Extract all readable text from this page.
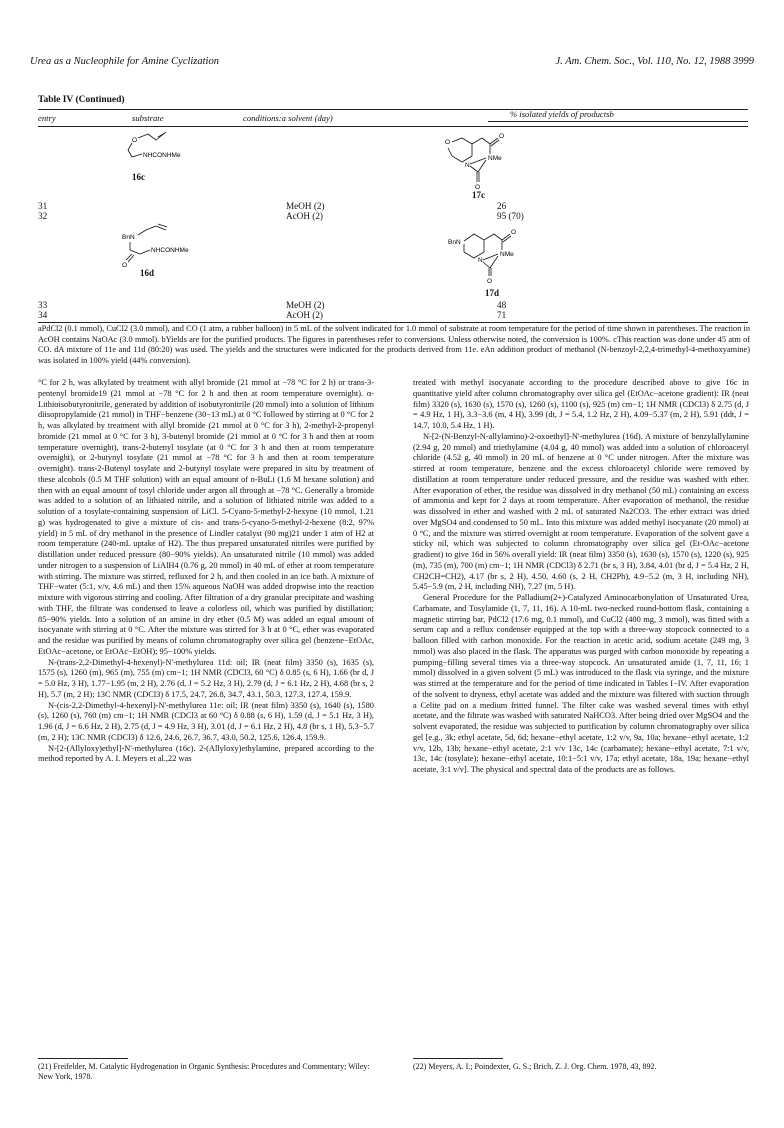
Urea as a Nucleophile for Amine Cyclization	J. Am. Chem. Soc., Vol. 110, No. 12, 1988 3999
Table IV (Continued)
entry	substrate	conditions:a solvent (day)	% isolated yields of productsb
O
NHCONHMe
16c
O
O
NMe
N
O
17c
31	MeOH (2)	26
32	AcOH (2)	95 (70)
BnN
NHCONHMe
O
16d
BnN
O
NMe
N
O
17d
33	MeOH (2)	48
34	AcOH (2)	71
aPdCl2 (0.1 mmol), CuCl2 (3.0 mmol), and CO (1 atm, a rubber balloon) in 5 mL of the solvent indicated for 1.0 mmol of substrate at room temperature for the period of time shown in parentheses. The reaction in AcOH contains NaOAc (3.0 mmol). bYields are for the purified products. The figures in parentheses refer to conversions. Unless otherwise noted, the conversion is 100%. cThis reaction was done under 45 atm of CO. dA mixture of 11e and 11d (80:20) was used. The yields and the structures were indicated for the products derived from 11e. eAn addition product of methanol (N-benzoyl-2,2,4-trimethyl-4-methoxyamine) was isolated in 100% yield (44% conversion).

°C for 2 h, was alkylated by treatment with allyl bromide (21 mmol at −78 °C for 2 h) or trans-3-pentenyl bromide19 (21 mmol at −78 °C for 2 h and then at room temperature overnight). α-Lithioisobutyronitrile, generated by addition of isobutyronitrile (20 mmol) into a solution of lithium diisopropylamide (21 mmol) in THF−benzene (30−13 mL) at 0 °C followed by stirring at 0 °C for 2 h, was alkylated by treatment with allyl bromide (21 mmol at 0 °C for 3 h), 2-methyl-2-propenyl bromide (21 mmol at 0 °C for 3 h), 3-butenyl bromide (21 mmol at 0 °C for 3 h and then at room temperature overnight), trans-2-butenyl tosylate (at 0 °C for 3 h and then at room temperature overnight), or 2-butynyl tosylate (21 mmol at −78 °C for 3 h and then at room temperature overnight). trans-2-Butenyl tosylate and 2-butynyl tosylate were prepared in situ by treatment of these alcohols (0.5 M THF solution) with an equal amount of n-BuLi (1.6 M hexane solution) and then with an equal amount of tosyl chloride under argon all through at −78 °C. Generally a bromide was added to a solution of an lithiated nitrile, and a solution of lithiated nitrile was added to a solution of a tosylate-containing suspension of LiCl. 5-Cyano-5-methyl-2-hexyne (10 mmol, 1.21 g) was hydrogenated to give a mixture of cis- and trans-5-cyano-5-methyl-2-hexene (8:2, 97% yield) in 5 mL of dry methanol in the presence of Lindler catalyst (90 mg)21 under 1 atm of H2 at room temperature (240-mL uptake of H2). The thus prepared unsaturated nitriles were purified by distillation under reduced pressure (80−90% yields). An unsaturated nitrile (10 mmol) was added under nitrogen to a suspension of LiAlH4 (0.76 g, 20 mmol) in 40 mL of ether at room temperature with stirring. The mixture was stirred, refluxed for 2 h, and then cooled in an ice bath. A mixture of THF−water (5:1, v/v, 4.6 mL) and then 15% aqueous NaOH was added dropwise into the reaction mixture with vigorous stirring and cooling. After filtration of a dry granular precipitate and washing with THF, the filtrate was condensed to leave a colorless oil, which was purified by distillation; 85−90% yields. Into a solution of an amine in dry ether (0.5 M) was added an equal amount of isocyanate with stirring at 0 °C. After the mixture was stirred for 3 h at 0 °C, ether was evaporated and the residue was purified by means of column chromatography over silica gel (benzene−EtOAc, EtOAc−acetone, or EtOAc−EtOH); 95−100% yields.

N-(trans-2,2-Dimethyl-4-hexenyl)-N'-methylurea 11d: oil; IR (neat film) 3350 (s), 1635 (s), 1575 (s), 1260 (m), 965 (m), 755 (m) cm−1; 1H NMR (CDCl3, 60 °C) δ 0.85 (s, 6 H), 1.66 (br d, J = 5.0 Hz, 3 H), 1.77−1.95 (m, 2 H), 2.76 (d, J = 5.2 Hz, 3 H), 2.79 (d, J = 6.1 Hz, 2 H), 4.68 (br s, 2 H), 5.7 (m, 2 H); 13C NMR (CDCl3) δ 17.5, 24.7, 26.8, 34.7, 43.1, 50.3, 127.3, 127.4, 159.9.

N-(cis-2,2-Dimethyl-4-hexenyl)-N'-methylurea 11e: oil; IR (neat film) 3350 (s), 1640 (s), 1580 (s), 1260 (s), 760 (m) cm−1; 1H NMR (CDCl3 at 60 °C) δ 0.88 (s, 6 H), 1.59 (d, J = 5.1 Hz, 3 H), 1.96 (d, J = 6.6 Hz, 2 H), 2.75 (d, J = 4.9 Hz, 3 H), 3.01 (d, J = 6.1 Hz, 2 H), 4.8 (br s, 1 H), 5.3−5.7 (m, 2 H); 13C NMR (CDCl3) δ 12.6, 24.6, 26.7, 36.7, 43.0, 50.2, 125.6, 126.4, 159.9.

N-[2-(Allyloxy)ethyl]-N'-methylurea (16c). 2-(Allyloxy)ethylamine, prepared according to the method reported by A. I. Meyers et al.,22 was

treated with methyl isocyanate according to the procedure described above to give 16c in quantitative yield after column chromatography over silica gel (EtOAc−acetone gradient): IR (neat film) 3320 (s), 1630 (s), 1570 (s), 1260 (s), 1100 (s), 925 (m) cm−1; 1H NMR (CDCl3) δ 2.75 (d, J = 4.9 Hz, 1 H), 3.3−3.6 (m, 4 H), 3.99 (dt, J = 5.4, 1.2 Hz, 2 H), 4.09−5.37 (m, 2 H), 5.91 (ddt, J = 14.7, 10.0, 5.4 Hz, 1 H).

N-[2-(N-Benzyl-N-allylamino)-2-oxoethyl]-N'-methylurea (16d). A mixture of benzylallylamine (2.94 g, 20 mmol) and triethylamine (4.04 g, 40 mmol) was added into a solution of chloroacetyl chloride (4.52 g, 40 mmol) in 20 mL of benzene at 0 °C under nitrogen. After the mixture was stirred at room temperature, benzene and the excess chloroacetyl chloride were removed by distillation at room temperature under reduced pressure, and the residue was washed with ether. After evaporation of ether, the residue was dissolved in dry methanol (50 mL) containing an excess of ammonia and kept for 2 days at room temperature. After evaporation of methanol, the residue was dissolved in ether and washed with 2 mL of saturated Na2CO3. The ether extract was dried over MgSO4 and condensed to 50 mL. Into this mixture was added methyl isocyanate (20 mmol) at 0 °C, and the mixture was stirred overnight at room temperature. Evaporation of the solvent gave a sticky oil, which was subjected to column chromatography over silica gel (Et-OAc−acetone gradient) to give 16d in 56% overall yield: IR (neat film) 3350 (s), 1630 (s), 1570 (s), 1220 (s), 925 (m), 735 (m), 700 (m) cm−1; 1H NMR (CDCl3) δ 2.71 (br s, 3 H), 3.84, 4.01 (br d, J = 5.4 Hz, 2 H, CH2CH=CH2), 4.17 (br s, 2 H), 4.50, 4.60 (s, 2 H, CH2Ph), 4.9−5.2 (m, 3 H, including NH), 5.45−5.9 (m, 2 H, including NH), 7.27 (m, 5 H).

General Procedure for the Palladium(2+)-Catalyzed Aminocarbonylation of Unsaturated Urea, Carbamate, and Tosylamide (1, 7, 11, 16). A 10-mL two-necked round-bottom flask, containing a magnetic stirring bar, PdCl2 (17.6 mg, 0.1 mmol), and CuCl2 (400 mg, 3 mmol), was fitted with a serum cap and a reflux condenser equipped at the top with a three-way stopcock connected to a balloon filled with carbon monoxide. For the reaction in acetic acid, sodium acetate (249 mg, 3 mmol) was also placed in the flask. The apparatus was purged with carbon monoxide by repeating a pumping−filling several times via a three-way stopcock. An unsaturated amide (1, 7, 11, 16; 1 mmol) dissolved in a given solvent (5 mL) was introduced to the flask via syringe, and the mixture was stirred at the temperature and for the period of time indicated in Tables I−IV. After evaporation of the solvent to dryness, ethyl acetate was added and the mixture was filtered with suction through a Celite pad on a medium fritted funnel. The filter cake was washed several times with ethyl acetate, and the filtrate was washed with saturated NaHCO3. After being dried over MgSO4 and the solvent evaporated, the residue was subjected to purification by column chromatography over silica gel [e.g., 3k; ethyl acetate, 5d, 6d; hexane−ethyl acetate, 1:2 v/v, 9a, 10a; hexane−ethyl acetate, 1:2 v/v, 12b, 13b; hexane−ethyl acetate, 2:1 v/v 13c, 14c (carbamate); hexane−ethyl acetate, 7:1 v/v, 13c, 14c (tosylate); hexane−ethyl acetate, 10:1−5:1 v/v, 17a; ethyl acetate, 18a, 19a; hexane−ethyl acetate, 3:1 v/v]. The physical and spectral data of the products are as follows.

(21) Freifelder, M. Catalytic Hydrogenation in Organic Synthesis: Procedures and Commentary; Wiley: New York, 1978.
(22) Meyers, A. I.; Poindexter, G. S.; Brich, Z. J. Org. Chem. 1978, 43, 892.
